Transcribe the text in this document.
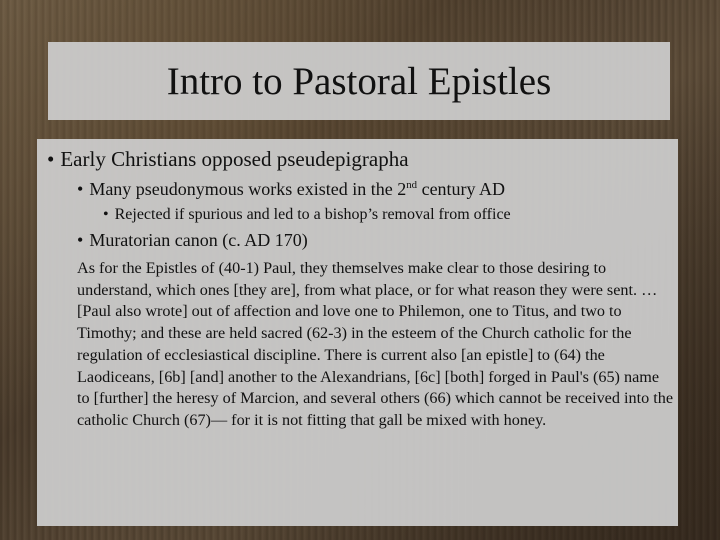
Intro to Pastoral Epistles
• Early Christians opposed pseudepigrapha
• Many pseudonymous works existed in the 2nd century AD
• Rejected if spurious and led to a bishop’s removal from office
• Muratorian canon (c. AD 170)

As for the Epistles of (40-1) Paul, they themselves make clear to those desiring to understand, which ones [they are], from what place, or for what reason they were sent. …[Paul also wrote] out of affection and love one to Philemon, one to Titus, and two to Timothy; and these are held sacred (62-3) in the esteem of the Church catholic for the regulation of ecclesiastical discipline. There is current also [an epistle] to (64) the Laodiceans, [6b] [and] another to the Alexandrians, [6c] [both] forged in Paul's (65) name to [further] the heresy of Marcion, and several others (66) which cannot be received into the catholic Church (67)— for it is not fitting that gall be mixed with honey.
